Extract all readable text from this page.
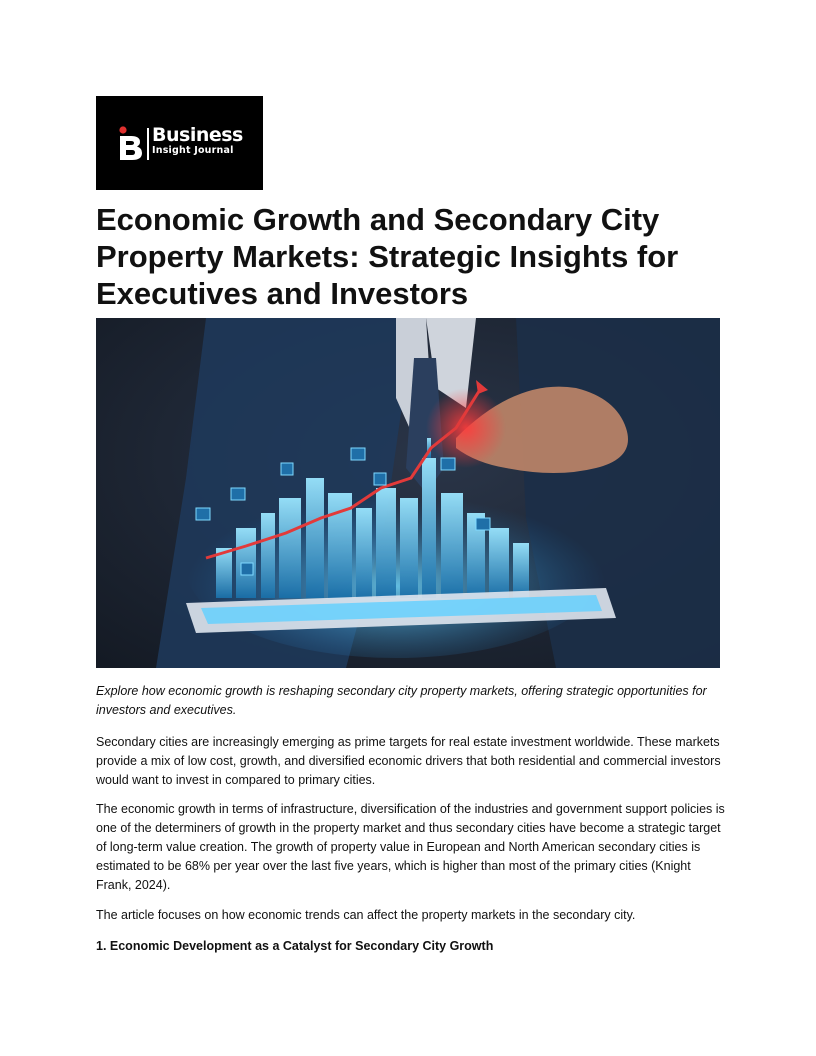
Business
Insight Journal
Economic Growth and Secondary City Property Markets: Strategic Insights for Executives and Investors

Explore how economic growth is reshaping secondary city property markets, offering strategic opportunities for investors and executives.

Secondary cities are increasingly emerging as prime targets for real estate investment worldwide. These markets provide a mix of low cost, growth, and diversified economic drivers that both residential and commercial investors would want to invest in compared to primary cities.

The economic growth in terms of infrastructure, diversification of the industries and government support policies is one of the determiners of growth in the property market and thus secondary cities have become a strategic target of long-term value creation. The growth of property value in European and North American secondary cities is estimated to be 68% per year over the last five years, which is higher than most of the primary cities (Knight Frank, 2024).

The article focuses on how economic trends can affect the property markets in the secondary city.

1. Economic Development as a Catalyst for Secondary City Growth
